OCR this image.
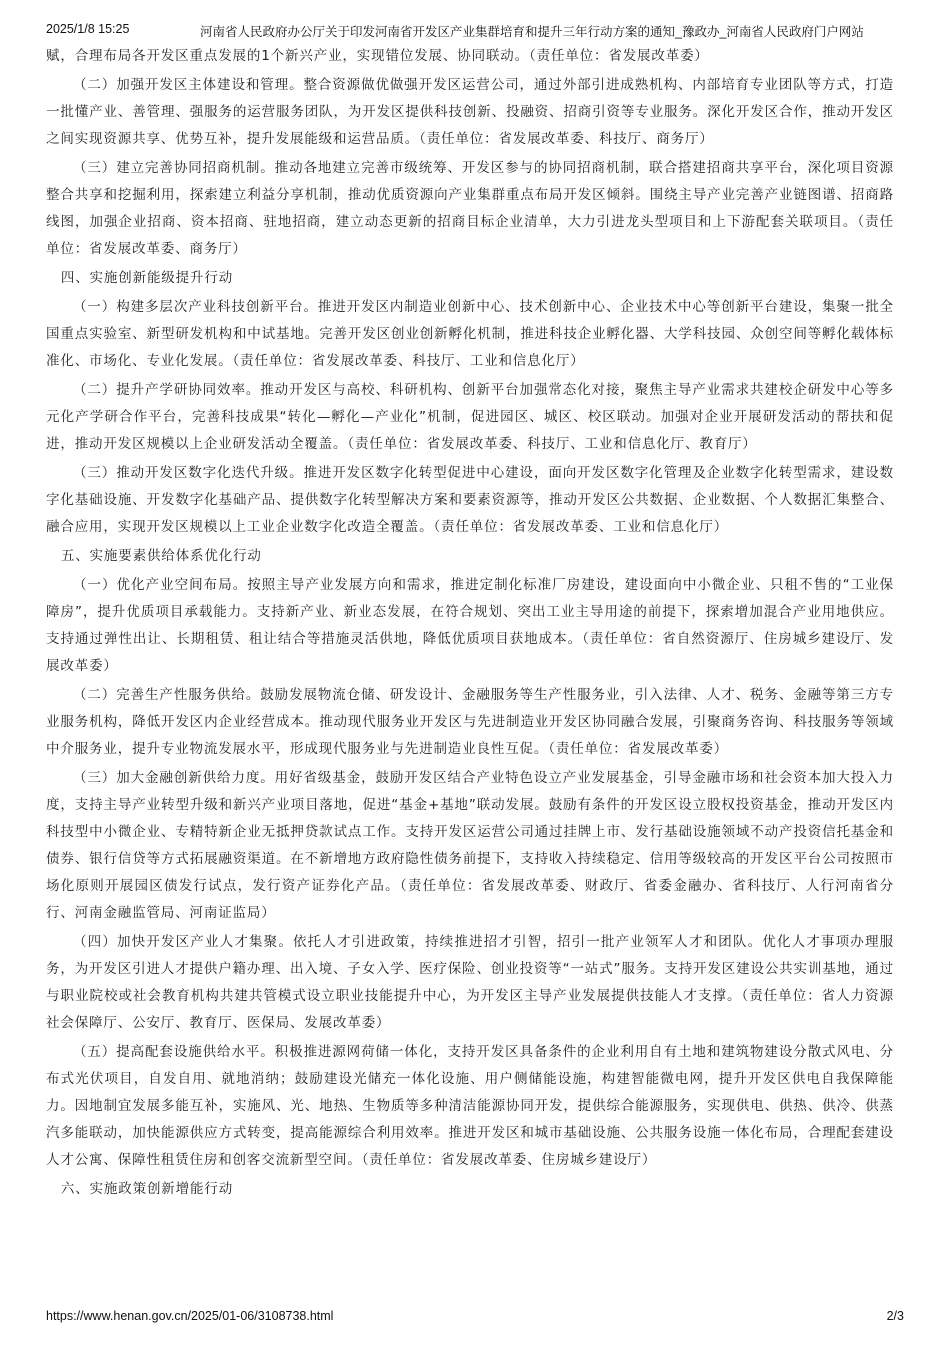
2025/1/8 15:25	河南省人民政府办公厅关于印发河南省开发区产业集群培育和提升三年行动方案的通知_豫政办_河南省人民政府门户网站

赋，合理布局各开发区重点发展的1个新兴产业，实现错位发展、协同联动。（责任单位：省发展改革委）

（二）加强开发区主体建设和管理。整合资源做优做强开发区运营公司，通过外部引进成熟机构、内部培育专业团队等方式，打造一批懂产业、善管理、强服务的运营服务团队，为开发区提供科技创新、投融资、招商引资等专业服务。深化开发区合作，推动开发区之间实现资源共享、优势互补，提升发展能级和运营品质。（责任单位：省发展改革委、科技厅、商务厅）

（三）建立完善协同招商机制。推动各地建立完善市级统筹、开发区参与的协同招商机制，联合搭建招商共享平台，深化项目资源整合共享和挖掘利用，探索建立利益分享机制，推动优质资源向产业集群重点布局开发区倾斜。围绕主导产业完善产业链图谱、招商路线图，加强企业招商、资本招商、驻地招商，建立动态更新的招商目标企业清单，大力引进龙头型项目和上下游配套关联项目。（责任单位：省发展改革委、商务厅）

四、实施创新能级提升行动

（一）构建多层次产业科技创新平台。推进开发区内制造业创新中心、技术创新中心、企业技术中心等创新平台建设，集聚一批全国重点实验室、新型研发机构和中试基地。完善开发区创业创新孵化机制，推进科技企业孵化器、大学科技园、众创空间等孵化载体标准化、市场化、专业化发展。（责任单位：省发展改革委、科技厅、工业和信息化厅）

（二）提升产学研协同效率。推动开发区与高校、科研机构、创新平台加强常态化对接，聚焦主导产业需求共建校企研发中心等多元化产学研合作平台，完善科技成果“转化—孵化—产业化”机制，促进园区、城区、校区联动。加强对企业开展研发活动的帮扶和促进，推动开发区规模以上企业研发活动全覆盖。（责任单位：省发展改革委、科技厅、工业和信息化厅、教育厅）

（三）推动开发区数字化迭代升级。推进开发区数字化转型促进中心建设，面向开发区数字化管理及企业数字化转型需求，建设数字化基础设施、开发数字化基础产品、提供数字化转型解决方案和要素资源等，推动开发区公共数据、企业数据、个人数据汇集整合、融合应用，实现开发区规模以上工业企业数字化改造全覆盖。（责任单位：省发展改革委、工业和信息化厅）

五、实施要素供给体系优化行动

（一）优化产业空间布局。按照主导产业发展方向和需求，推进定制化标准厂房建设，建设面向中小微企业、只租不售的“工业保障房”，提升优质项目承载能力。支持新产业、新业态发展，在符合规划、突出工业主导用途的前提下，探索增加混合产业用地供应。支持通过弹性出让、长期租赁、租让结合等措施灵活供地，降低优质项目获地成本。（责任单位：省自然资源厅、住房城乡建设厅、发展改革委）

（二）完善生产性服务供给。鼓励发展物流仓储、研发设计、金融服务等生产性服务业，引入法律、人才、税务、金融等第三方专业服务机构，降低开发区内企业经营成本。推动现代服务业开发区与先进制造业开发区协同融合发展，引聚商务咨询、科技服务等领域中介服务业，提升专业物流发展水平，形成现代服务业与先进制造业良性互促。（责任单位：省发展改革委）

（三）加大金融创新供给力度。用好省级基金，鼓励开发区结合产业特色设立产业发展基金，引导金融市场和社会资本加大投入力度，支持主导产业转型升级和新兴产业项目落地，促进“基金+基地”联动发展。鼓励有条件的开发区设立股权投资基金，推动开发区内科技型中小微企业、专精特新企业无抵押贷款试点工作。支持开发区运营公司通过挂牌上市、发行基础设施领域不动产投资信托基金和债券、银行信贷等方式拓展融资渠道。在不新增地方政府隐性债务前提下，支持收入持续稳定、信用等级较高的开发区平台公司按照市场化原则开展园区债发行试点，发行资产证券化产品。（责任单位：省发展改革委、财政厅、省委金融办、省科技厅、人行河南省分行、河南金融监管局、河南证监局）

（四）加快开发区产业人才集聚。依托人才引进政策，持续推进招才引智，招引一批产业领军人才和团队。优化人才事项办理服务，为开发区引进人才提供户籍办理、出入境、子女入学、医疗保险、创业投资等“一站式”服务。支持开发区建设公共实训基地，通过与职业院校或社会教育机构共建共管模式设立职业技能提升中心，为开发区主导产业发展提供技能人才支撑。（责任单位：省人力资源社会保障厅、公安厅、教育厅、医保局、发展改革委）

（五）提高配套设施供给水平。积极推进源网荷储一体化，支持开发区具备条件的企业利用自有土地和建筑物建设分散式风电、分布式光伏项目，自发自用、就地消纳；鼓励建设光储充一体化设施、用户侧储能设施，构建智能微电网，提升开发区供电自我保障能力。因地制宜发展多能互补，实施风、光、地热、生物质等多种清洁能源协同开发，提供综合能源服务，实现供电、供热、供冷、供蒸汽多能联动，加快能源供应方式转变，提高能源综合利用效率。推进开发区和城市基础设施、公共服务设施一体化布局，合理配套建设人才公寓、保障性租赁住房和创客交流新型空间。（责任单位：省发展改革委、住房城乡建设厅）

六、实施政策创新增能行动

https://www.henan.gov.cn/2025/01-06/3108738.html	2/3
